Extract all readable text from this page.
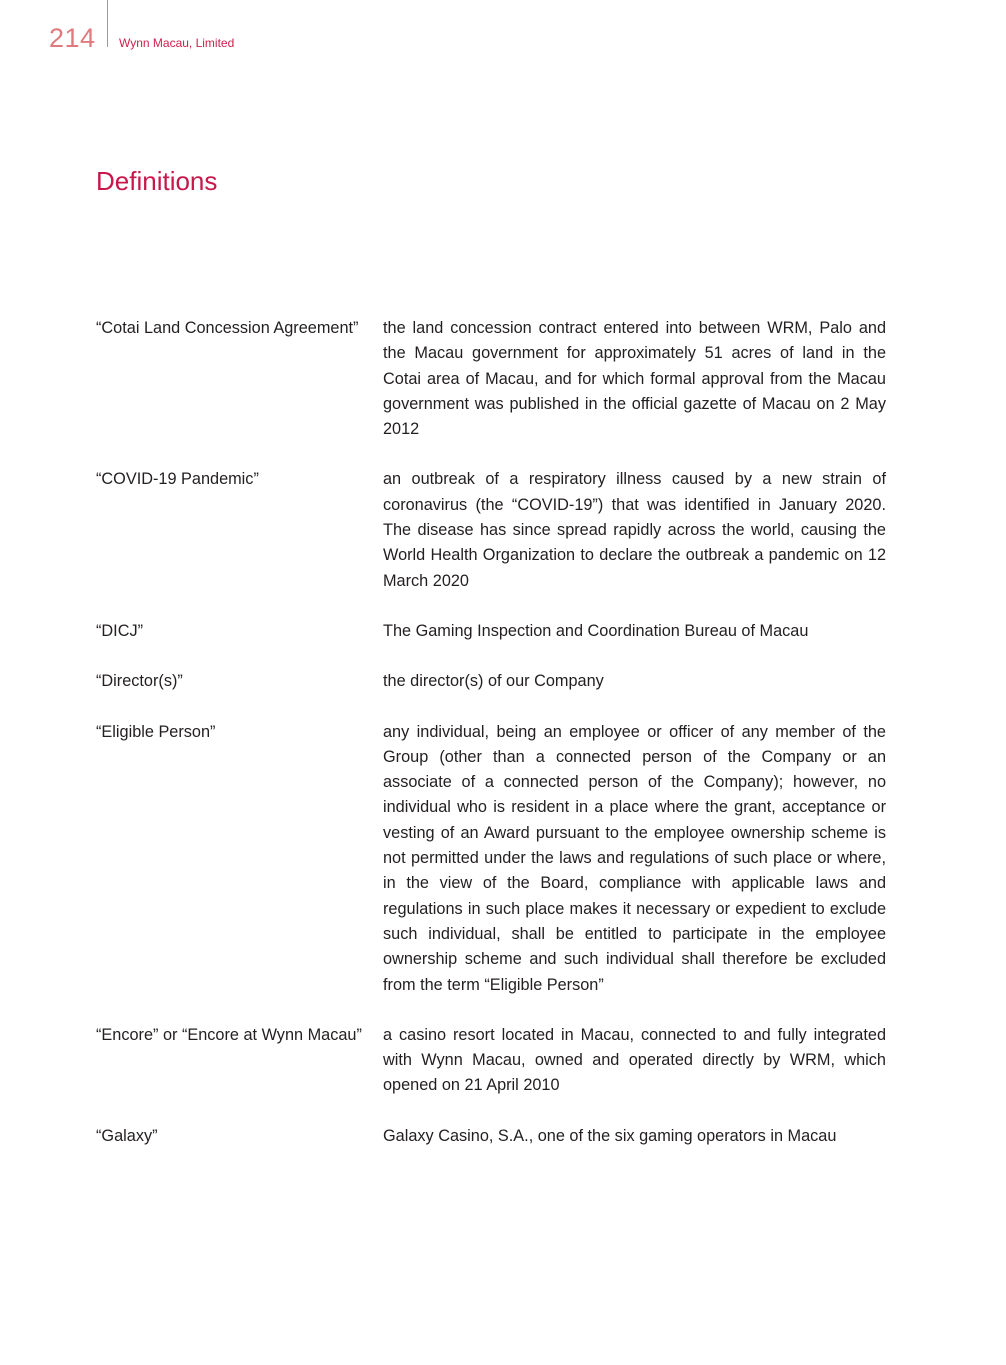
214 Wynn Macau, Limited
Definitions
“Cotai Land Concession Agreement”	the land concession contract entered into between WRM, Palo and the Macau government for approximately 51 acres of land in the Cotai area of Macau, and for which formal approval from the Macau government was published in the official gazette of Macau on 2 May 2012
“COVID-19 Pandemic”	an outbreak of a respiratory illness caused by a new strain of coronavirus (the “COVID-19”) that was identified in January 2020. The disease has since spread rapidly across the world, causing the World Health Organization to declare the outbreak a pandemic on 12 March 2020
“DICJ”	The Gaming Inspection and Coordination Bureau of Macau
“Director(s)”	the director(s) of our Company
“Eligible Person”	any individual, being an employee or officer of any member of the Group (other than a connected person of the Company or an associate of a connected person of the Company); however, no individual who is resident in a place where the grant, acceptance or vesting of an Award pursuant to the employee ownership scheme is not permitted under the laws and regulations of such place or where, in the view of the Board, compliance with applicable laws and regulations in such place makes it necessary or expedient to exclude such individual, shall be entitled to participate in the employee ownership scheme and such individual shall therefore be excluded from the term “Eligible Person”
“Encore” or “Encore at Wynn Macau”	a casino resort located in Macau, connected to and fully integrated with Wynn Macau, owned and operated directly by WRM, which opened on 21 April 2010
“Galaxy”	Galaxy Casino, S.A., one of the six gaming operators in Macau
